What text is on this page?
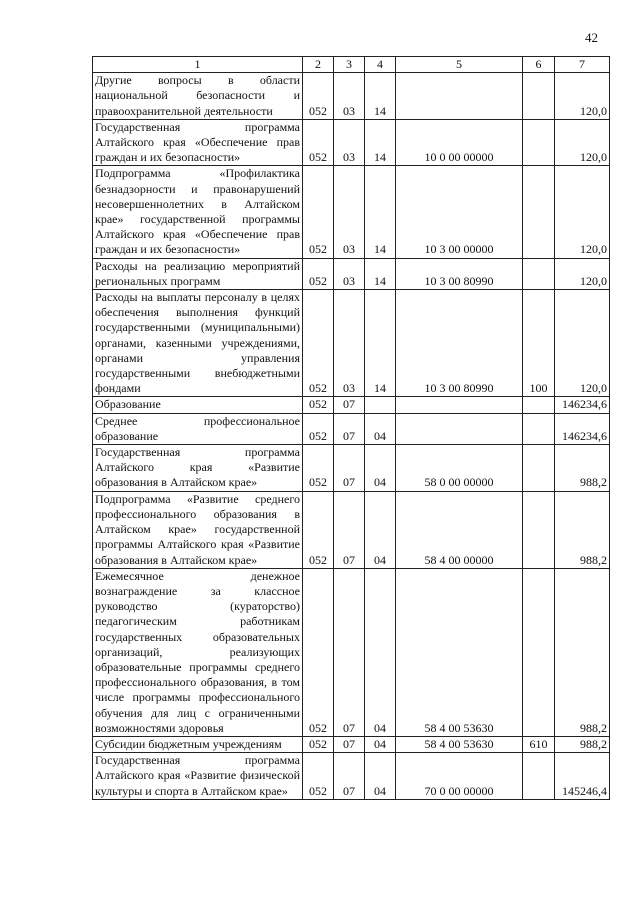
42
1	2	3	4	5	6	7
Другие вопросы в области национальной безопасности и правоохранительной деятельности	052	03	14			120,0
Государственная программа Алтайского края «Обеспечение прав граждан и их безопасности»	052	03	14	10 0 00 00000		120,0
Подпрограмма «Профилактика безнадзорности и правонарушений несовершеннолетних в Алтайском крае» государственной программы Алтайского края «Обеспечение прав граждан и их безопасности»	052	03	14	10 3 00 00000		120,0
Расходы на реализацию мероприятий региональных программ	052	03	14	10 3 00 80990		120,0
Расходы на выплаты персоналу в целях обеспечения выполнения функций государственными (муниципальными) органами, казенными учреждениями, органами управления государственными внебюджетными фондами	052	03	14	10 3 00 80990	100	120,0
Образование	052	07				146234,6
Среднее профессиональное образование	052	07	04			146234,6
Государственная программа Алтайского края «Развитие образования в Алтайском крае»	052	07	04	58 0 00 00000		988,2
Подпрограмма «Развитие среднего профессионального образования в Алтайском крае» государственной программы Алтайского края «Развитие образования в Алтайском крае»	052	07	04	58 4 00 00000		988,2
Ежемесячное денежное вознаграждение за классное руководство (кураторство) педагогическим работникам государственных образовательных организаций, реализующих образовательные программы среднего профессионального образования, в том числе программы профессионального обучения для лиц с ограниченными возможностями здоровья	052	07	04	58 4 00 53630		988,2
Субсидии бюджетным учреждениям	052	07	04	58 4 00 53630	610	988,2
Государственная программа Алтайского края «Развитие физической культуры и спорта в Алтайском крае»	052	07	04	70 0 00 00000		145246,4
